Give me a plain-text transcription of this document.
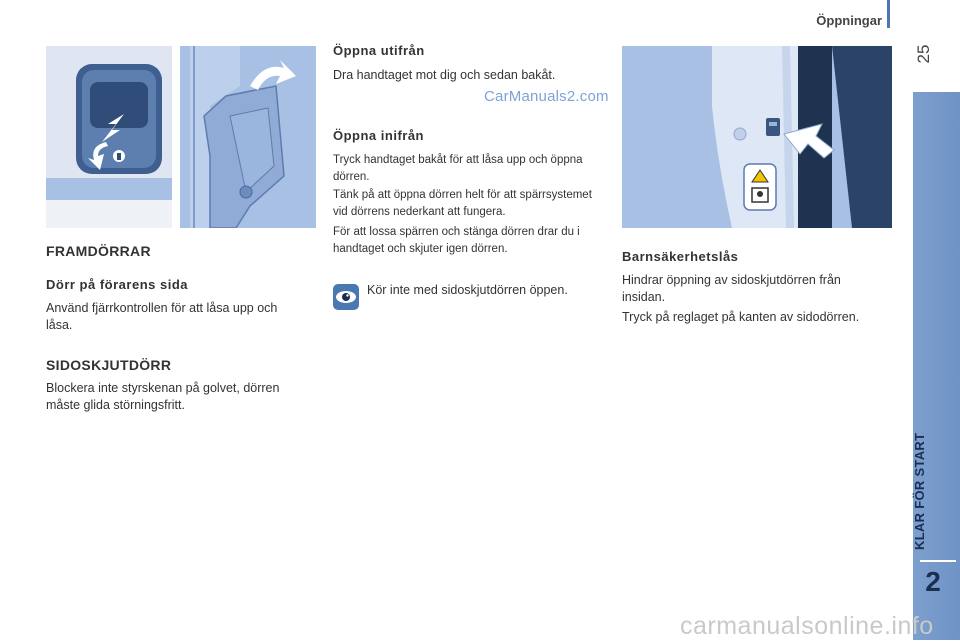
Öppningar
25
KLAR FÖR START
2
FRAMDÖRRAR
Dörr på förarens sida

Använd fjärrkontrollen för att låsa upp och låsa.

SIDOSKJUTDÖRR

Blockera inte styrskenan på golvet, dörren måste glida störningsfritt.

Öppna utifrån

Dra handtaget mot dig och sedan bakåt.

CarManuals2.com
Öppna inifrån

Tryck handtaget bakåt för att låsa upp och öppna dörren.

Tänk på att öppna dörren helt för att spärrsystemet vid dörrens nederkant att fungera.

För att lossa spärren och stänga dörren drar du i handtaget och skjuter igen dörren.

Kör inte med sidoskjutdörren öppen.

Barnsäkerhetslås

Hindrar öppning av sidoskjutdörren från insidan.

Tryck på reglaget på kanten av sidodörren.

carmanualsonline.info
